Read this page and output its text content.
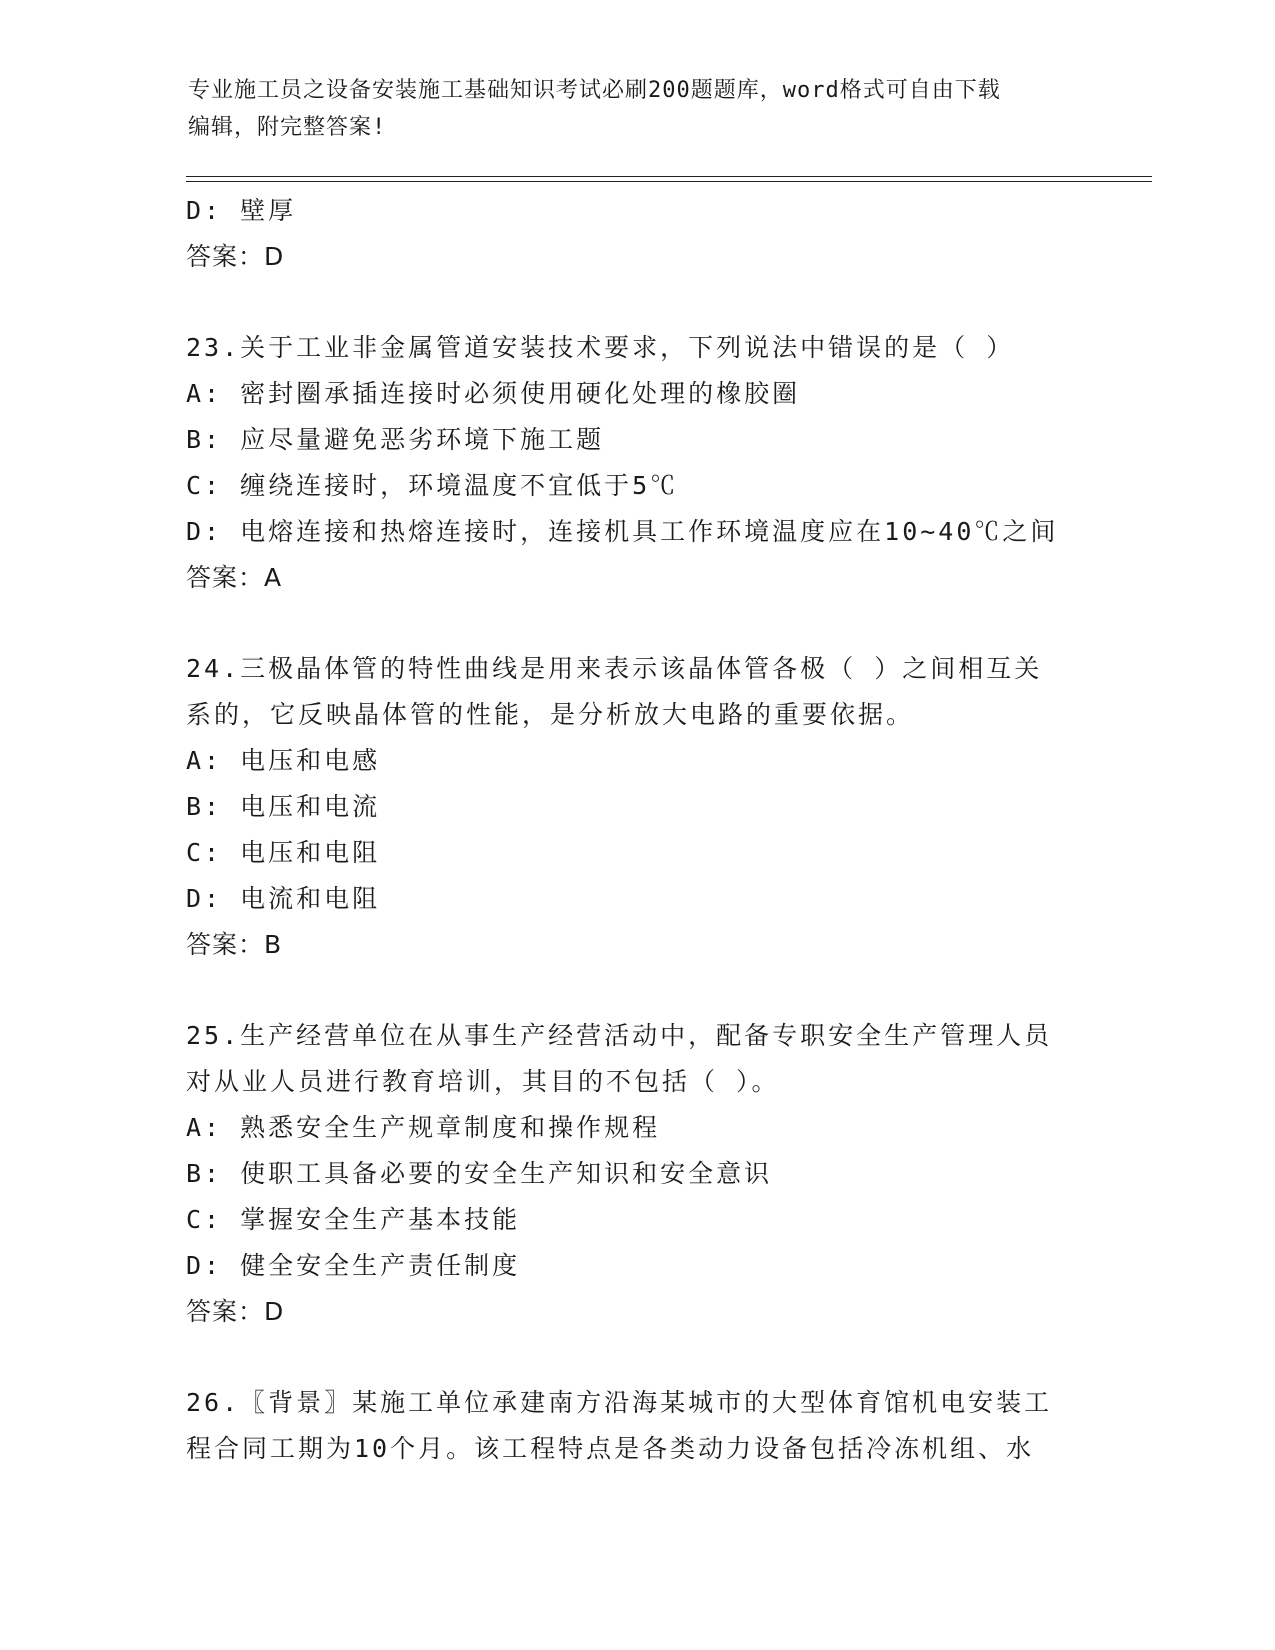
专业施工员之设备安装施工基础知识考试必刷200题题库，word格式可自由下载
编辑，附完整答案!
D: 壁厚
答案：D
23.关于工业非金属管道安装技术要求，下列说法中错误的是（ ）
A: 密封圈承插连接时必须使用硬化处理的橡胶圈
B: 应尽量避免恶劣环境下施工题
C: 缠绕连接时，环境温度不宜低于5℃
D: 电熔连接和热熔连接时，连接机具工作环境温度应在10~40℃之间
答案：A
24.三极晶体管的特性曲线是用来表示该晶体管各极（ ）之间相互关
系的，它反映晶体管的性能，是分析放大电路的重要依据。
A: 电压和电感
B: 电压和电流
C: 电压和电阻
D: 电流和电阻
答案：B
25.生产经营单位在从事生产经营活动中，配备专职安全生产管理人员
对从业人员进行教育培训，其目的不包括（ ）。
A: 熟悉安全生产规章制度和操作规程
B: 使职工具备必要的安全生产知识和安全意识
C: 掌握安全生产基本技能
D: 健全安全生产责任制度
答案：D
26.〖背景〗某施工单位承建南方沿海某城市的大型体育馆机电安装工
程合同工期为10个月。该工程特点是各类动力设备包括冷冻机组、水
